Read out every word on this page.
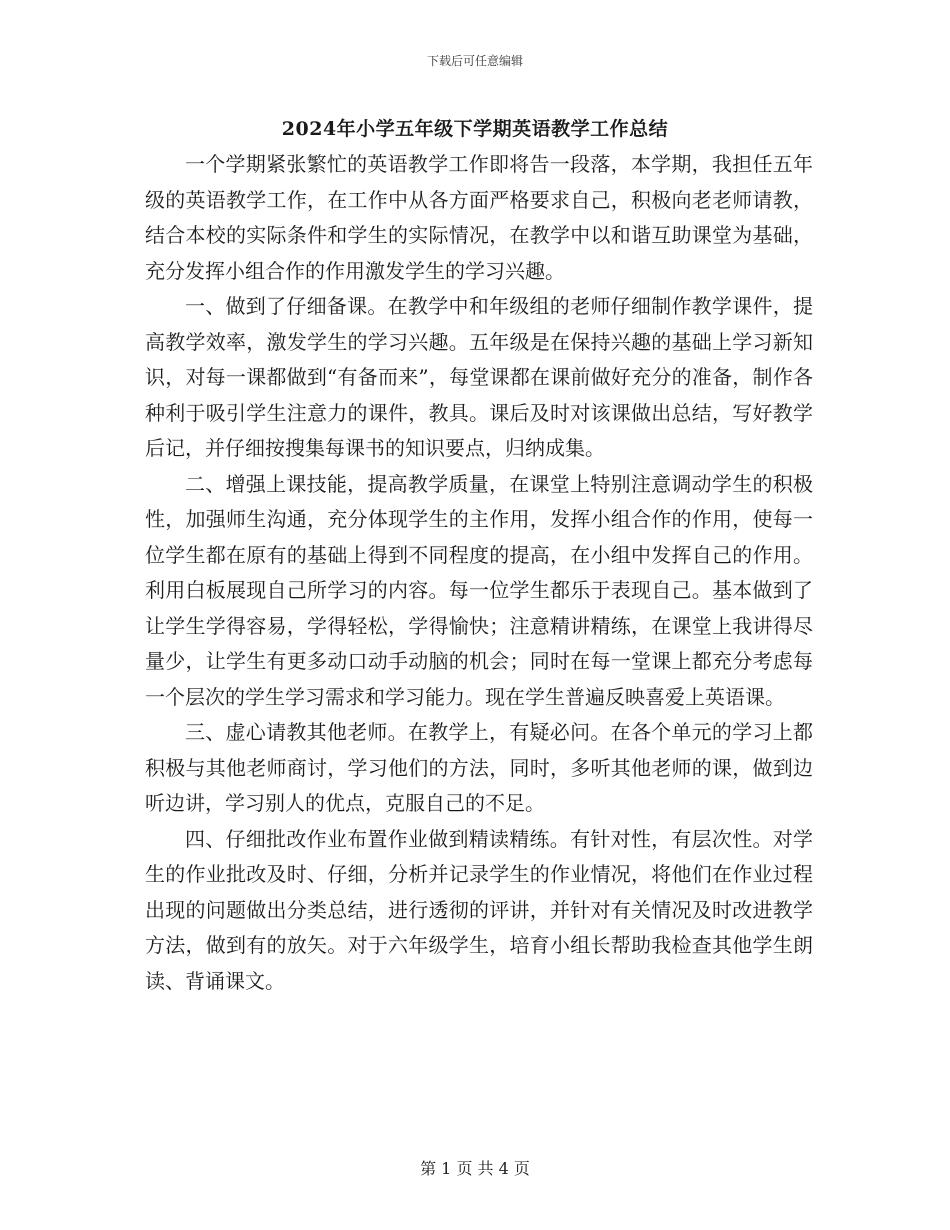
下载后可任意编辑
2024年小学五年级下学期英语教学工作总结

一个学期紧张繁忙的英语教学工作即将告一段落，本学期，我担任五年级的英语教学工作，在工作中从各方面严格要求自己，积极向老老师请教，结合本校的实际条件和学生的实际情况，在教学中以和谐互助课堂为基础，充分发挥小组合作的作用激发学生的学习兴趣。

一、做到了仔细备课。在教学中和年级组的老师仔细制作教学课件，提高教学效率，激发学生的学习兴趣。五年级是在保持兴趣的基础上学习新知识，对每一课都做到“有备而来”，每堂课都在课前做好充分的准备，制作各种利于吸引学生注意力的课件，教具。课后及时对该课做出总结，写好教学后记，并仔细按搜集每课书的知识要点，归纳成集。

二、增强上课技能，提高教学质量，在课堂上特别注意调动学生的积极性，加强师生沟通，充分体现学生的主作用，发挥小组合作的作用，使每一位学生都在原有的基础上得到不同程度的提高，在小组中发挥自己的作用。利用白板展现自己所学习的内容。每一位学生都乐于表现自己。基本做到了让学生学得容易，学得轻松，学得愉快；注意精讲精练，在课堂上我讲得尽量少，让学生有更多动口动手动脑的机会；同时在每一堂课上都充分考虑每一个层次的学生学习需求和学习能力。现在学生普遍反映喜爱上英语课。

三、虚心请教其他老师。在教学上，有疑必问。在各个单元的学习上都积极与其他老师商讨，学习他们的方法，同时，多听其他老师的课，做到边听边讲，学习别人的优点，克服自己的不足。

四、仔细批改作业布置作业做到精读精练。有针对性，有层次性。对学生的作业批改及时、仔细，分析并记录学生的作业情况，将他们在作业过程出现的问题做出分类总结，进行透彻的评讲，并针对有关情况及时改进教学方法，做到有的放矢。对于六年级学生，培育小组长帮助我检查其他学生朗读、背诵课文。

第 1 页 共 4 页
